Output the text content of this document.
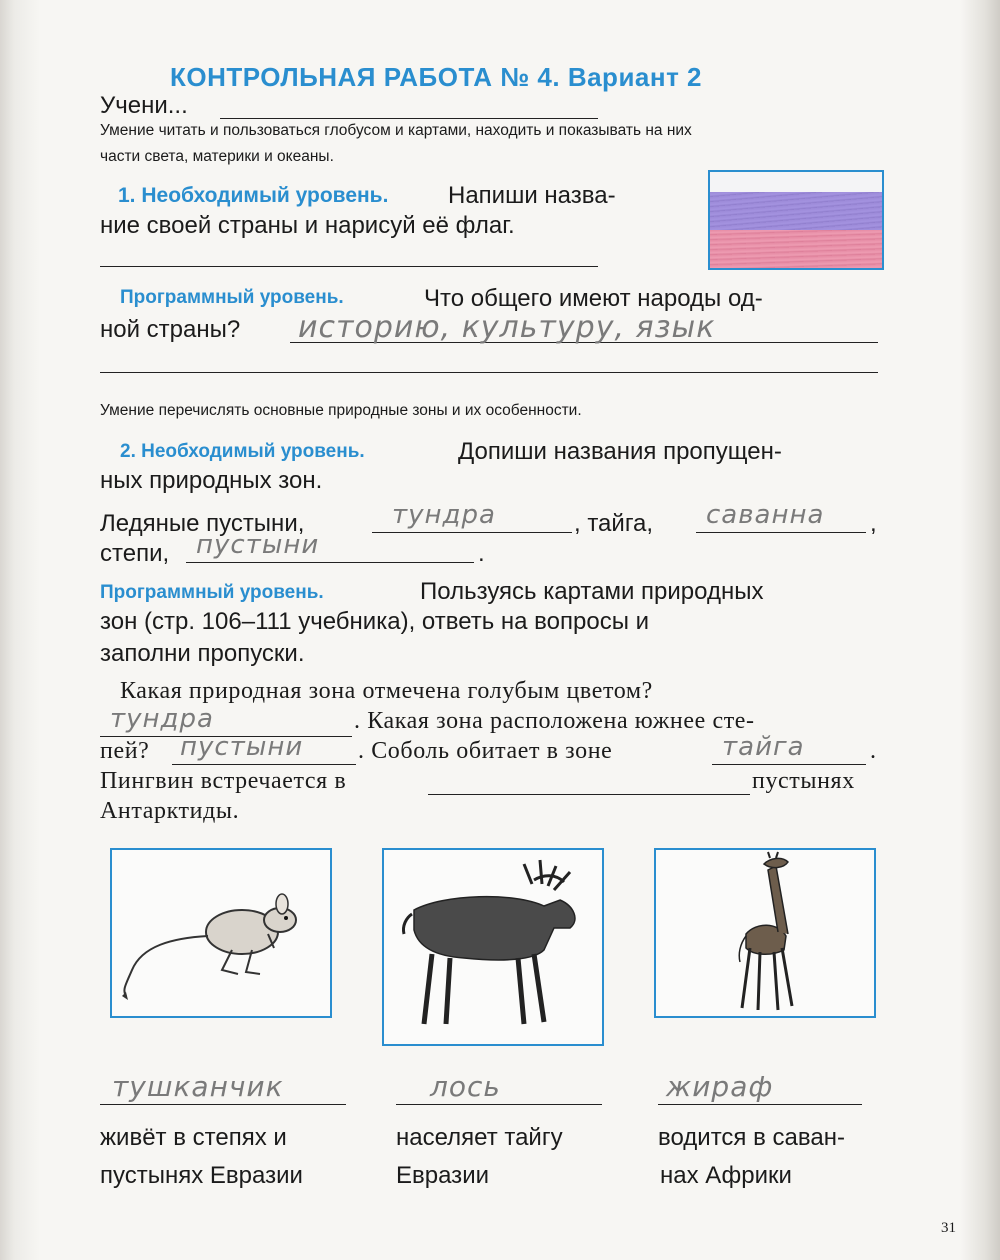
КОНТРОЛЬНАЯ РАБОТА № 4. Вариант 2
Учени...
Умение читать и пользоваться глобусом и картами, находить и показывать на них
части света, материки и океаны.
1. Необходимый уровень. Напиши назва-
ние своей страны и нарисуй её флаг.
Программный уровень.	Что общего имеют народы од-
ной страны? историю, культуру, язык
Умение перечислять основные природные зоны и их особенности.
2. Необходимый уровень.	Допиши названия пропущен-
ных природных зон.
Ледяные пустыни,	тундра	, тайга, саванна ,
степи, пустыни	.
Программный уровень.	Пользуясь картами природных
зон (стр. 106–111 учебника), ответь на вопросы и
заполни пропуски.
Какая природная зона отмечена голубым цветом?
тундра	. Какая зона расположена южнее сте-
пей? пустыни . Соболь обитает в зоне	тайга	.
Пингвин встречается в	пустынях
Антарктиды.
тушканчик
живёт в степях и
пустынях Евразии
лось
населяет тайгу
Евразии
жираф
водится в саван-
нах Африки
31
